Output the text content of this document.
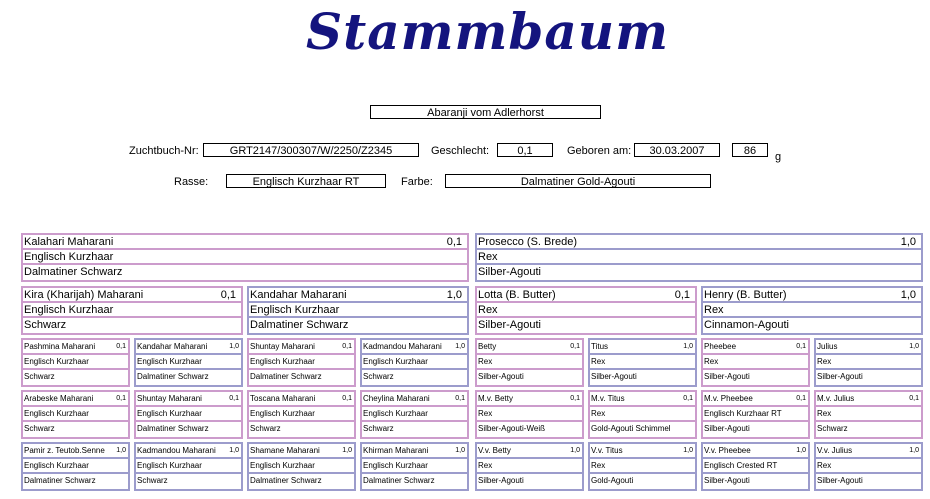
Stammbaum
Abaranji vom Adlerhorst
Zuchtbuch-Nr:	GRT2147/300307/W/2250/Z2345	Geschlecht:	0,1	Geboren am:	30.03.2007	86	g
Rasse:	Englisch Kurzhaar RT	Farbe:	Dalmatiner Gold-Agouti
Kalahari Maharani	0,1
Englisch Kurzhaar
Dalmatiner Schwarz
Prosecco (S. Brede)	1,0
Rex
Silber-Agouti
Kira (Kharijah) Maharani	0,1
Englisch Kurzhaar
Schwarz
Kandahar Maharani	1,0
Englisch Kurzhaar
Dalmatiner Schwarz
Lotta (B. Butter)	0,1
Rex
Silber-Agouti
Henry (B. Butter)	1,0
Rex
Cinnamon-Agouti
Pashmina Maharani	0,1
Englisch Kurzhaar
Schwarz
Kandahar Maharani	1,0
Englisch Kurzhaar
Dalmatiner Schwarz
Shuntay Maharani	0,1
Englisch Kurzhaar
Dalmatiner Schwarz
Kadmandou Maharani 1,0
Englisch Kurzhaar
Schwarz
Betty	0,1
Rex
Silber-Agouti
Titus	1,0
Rex
Silber-Agouti
Pheebee	0,1
Rex
Silber-Agouti
Julius	1,0
Rex
Silber-Agouti
Arabeske Maharani	0,1
Englisch Kurzhaar
Schwarz
Shuntay Maharani	0,1
Englisch Kurzhaar
Dalmatiner Schwarz
Toscana Maharani	0,1
Englisch Kurzhaar
Schwarz
Cheylina Maharani	0,1
Englisch Kurzhaar
Schwarz
M.v. Betty	0,1
Rex
Silber-Agouti-Weiß
M.v. Titus	0,1
Rex
Gold-Agouti Schimmel
M.v. Pheebee	0,1
Englisch Kurzhaar RT
Silber-Agouti
M.v. Julius	0,1
Rex
Schwarz
Pamir z. Teutob.Senne 1,0
Englisch Kurzhaar
Dalmatiner Schwarz
Kadmandou Maharani 1,0
Englisch Kurzhaar
Schwarz
Shamane Maharani	1,0
Englisch Kurzhaar
Dalmatiner Schwarz
Khirman Maharani	1,0
Englisch Kurzhaar
Dalmatiner Schwarz
V.v. Betty	1,0
Rex
Silber-Agouti
V.v. Titus	1,0
Rex
Gold-Agouti
V.v. Pheebee	1,0
Englisch Crested RT
Silber-Agouti
V.v. Julius	1,0
Rex
Silber-Agouti
